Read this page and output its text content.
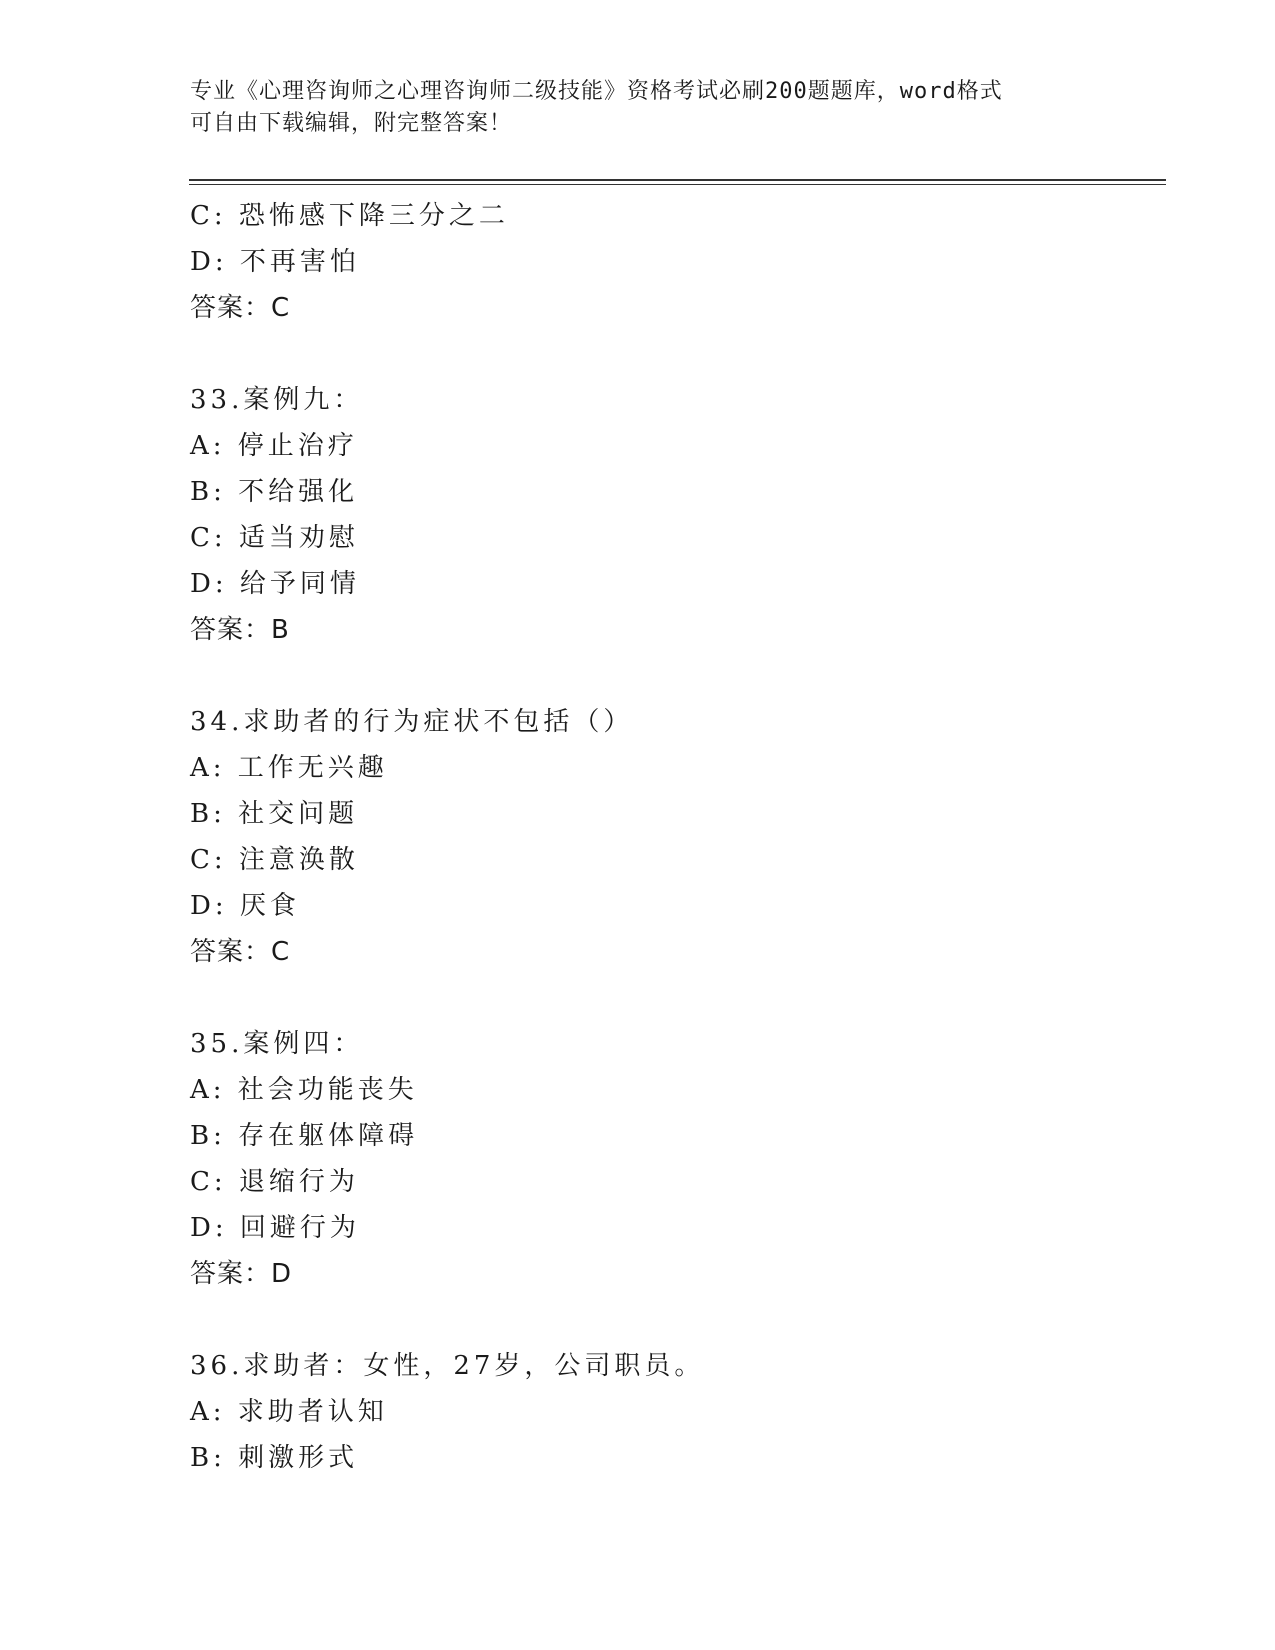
专业《心理咨询师之心理咨询师二级技能》资格考试必刷200题题库，word格式
可自由下载编辑，附完整答案！
C: 恐怖感下降三分之二
D: 不再害怕
答案：C
33.案例九：
A: 停止治疗
B: 不给强化
C: 适当劝慰
D: 给予同情
答案：B
34.求助者的行为症状不包括（）
A: 工作无兴趣
B: 社交问题
C: 注意涣散
D: 厌食
答案：C
35.案例四：
A: 社会功能丧失
B: 存在躯体障碍
C: 退缩行为
D: 回避行为
答案：D
36.求助者：女性，27岁，公司职员。
A: 求助者认知
B: 刺激形式
